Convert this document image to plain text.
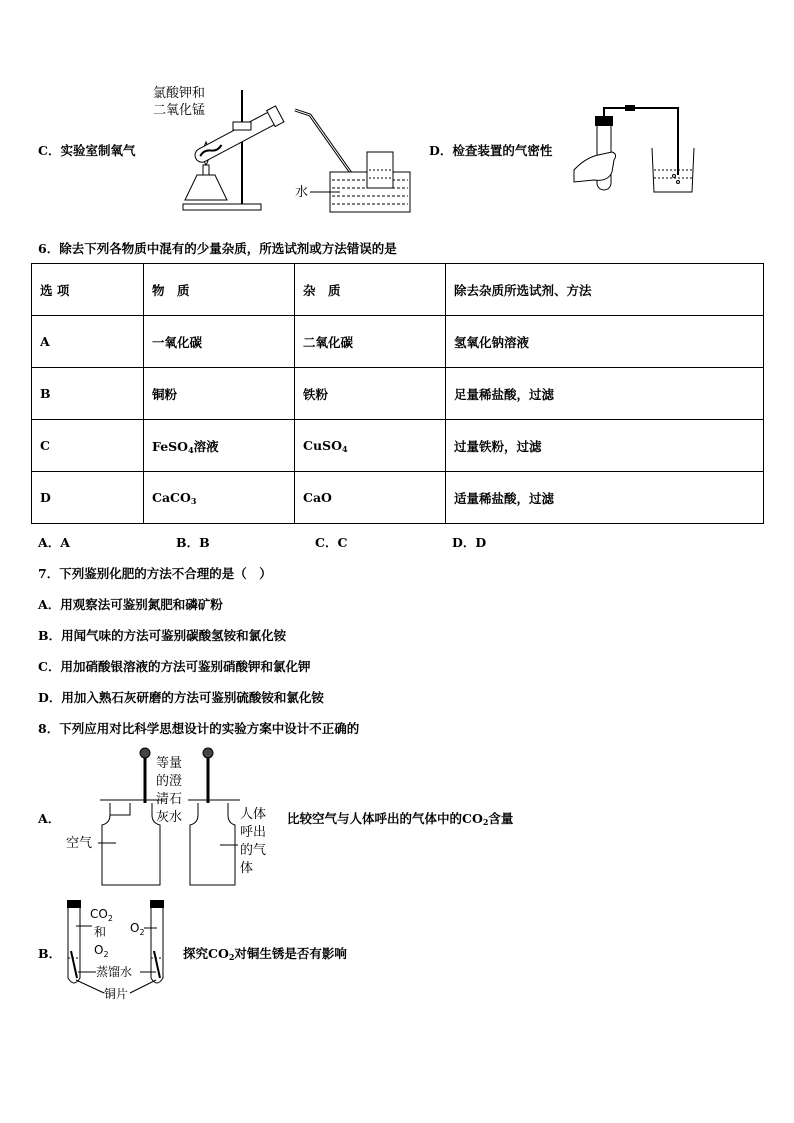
C．实验室制氧气
氯酸钾和
二氧化锰
水
D．检查装置的气密性
6．除去下列各物质中混有的少量杂质，所选试剂或方法错误的是
选 项	物　质	杂　质	除去杂质所选试剂、方法
A	一氧化碳	二氧化碳	氢氧化钠溶液
B	铜粉	铁粉	足量稀盐酸，过滤
C	FeSO$_4$溶液	CuSO$_4$	过量铁粉，过滤
D	CaCO$_3$	CaO	适量稀盐酸，过滤
A．A	B．B	C．C	D．D
7．下列鉴别化肥的方法不合理的是（　）
A．用观察法可鉴别氮肥和磷矿粉
B．用闻气味的方法可鉴别碳酸氢铵和氯化铵
C．用加硝酸银溶液的方法可鉴别硝酸钾和氯化钾
D．用加入熟石灰研磨的方法可鉴别硫酸铵和氯化铵
8．下列应用对比科学思想设计的实验方案中设计不正确的
A．
等量
的澄
清石
灰水
空气
人体
呼出
的气
体
比较空气与人体呼出的气体中的$CO_2$含量
B．
$CO_2$
和
$O_2$
$O_2$
蒸馏水
铜片
探究$CO_2$对铜生锈是否有影响
